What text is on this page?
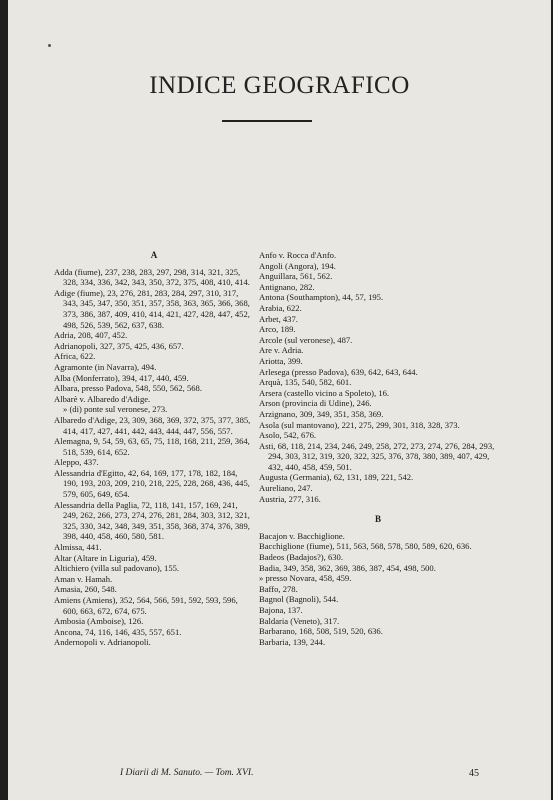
INDICE GEOGRAFICO
A
Adda (fiume), 237, 238, 283, 297, 298, 314, 321, 325, 328, 334, 336, 342, 343, 350, 372, 375, 408, 410, 414.
Adige (fiume), 23, 276, 281, 283, 284, 297, 310, 317, 343, 345, 347, 350, 351, 357, 358, 363, 365, 366, 368, 373, 386, 387, 409, 410, 414, 421, 427, 428, 447, 452, 498, 526, 539, 562, 637, 638.
Adria, 208, 407, 452.
Adrianopoli, 327, 375, 425, 436, 657.
Africa, 622.
Agramonte (in Navarra), 494.
Alba (Monferrato), 394, 417, 440, 459.
Albara, presso Padova, 548, 550, 562, 568.
Albarè v. Albaredo d'Adige.
» (di) ponte sul veronese, 273.
Albaredo d'Adige, 23, 309, 368, 369, 372, 375, 377, 385, 414, 417, 427, 441, 442, 443, 444, 447, 556, 557.
Alemagna, 9, 54, 59, 63, 65, 75, 118, 168, 211, 259, 364, 518, 539, 614, 652.
Aleppo, 437.
Alessandria d'Egitto, 42, 64, 169, 177, 178, 182, 184, 190, 193, 203, 209, 210, 218, 225, 228, 268, 436, 445, 579, 605, 649, 654.
Alessandria della Paglia, 72, 118, 141, 157, 169, 241, 249, 262, 266, 273, 274, 276, 281, 284, 303, 312, 321, 325, 330, 342, 348, 349, 351, 358, 368, 374, 376, 389, 398, 440, 458, 460, 580, 581.
Almissa, 441.
Altar (Altare in Liguria), 459.
Altichiero (villa sul padovano), 155.
Aman v. Hamah.
Amasia, 260, 548.
Amiens (Amiens), 352, 564, 566, 591, 592, 593, 596, 600, 663, 672, 674, 675.
Ambosia (Amboise), 126.
Ancona, 74, 116, 146, 435, 557, 651.
Andernopoli v. Adrianopoli.
Anfo v. Rocca d'Anfo.
Angoli (Angora), 194.
Anguillara, 561, 562.
Antignano, 282.
Antona (Southampton), 44, 57, 195.
Arabia, 622.
Arbet, 437.
Arco, 189.
Arcole (sul veronese), 487.
Are v. Adria.
Ariotta, 399.
Arlesega (presso Padova), 639, 642, 643, 644.
Arquà, 135, 540, 582, 601.
Arsera (castello vicino a Spoleto), 16.
Arson (provincia di Udine), 246.
Arzignano, 309, 349, 351, 358, 369.
Asola (sul mantovano), 221, 275, 299, 301, 318, 328, 373.
Asolo, 542, 676.
Asti, 68, 118, 214, 234, 246, 249, 258, 272, 273, 274, 276, 284, 293, 294, 303, 312, 319, 320, 322, 325, 376, 378, 380, 389, 407, 429, 432, 440, 458, 459, 501.
Augusta (Germania), 62, 131, 189, 221, 542.
Aureliano, 247.
Austria, 277, 316.
B
Bacajon v. Bacchiglione.
Bacchiglione (fiume), 511, 563, 568, 578, 580, 589, 620, 636.
Badeos (Badajos?), 630.
Badia, 349, 358, 362, 369, 386, 387, 454, 498, 500.
» presso Novara, 458, 459.
Baffo, 278.
Bagnol (Bagnoli), 544.
Bajona, 137.
Baldaria (Veneto), 317.
Barbarano, 168, 508, 519, 520, 636.
Barbaria, 139, 244.
I Diarii di M. Sanuto. — Tom. XVI.	45
